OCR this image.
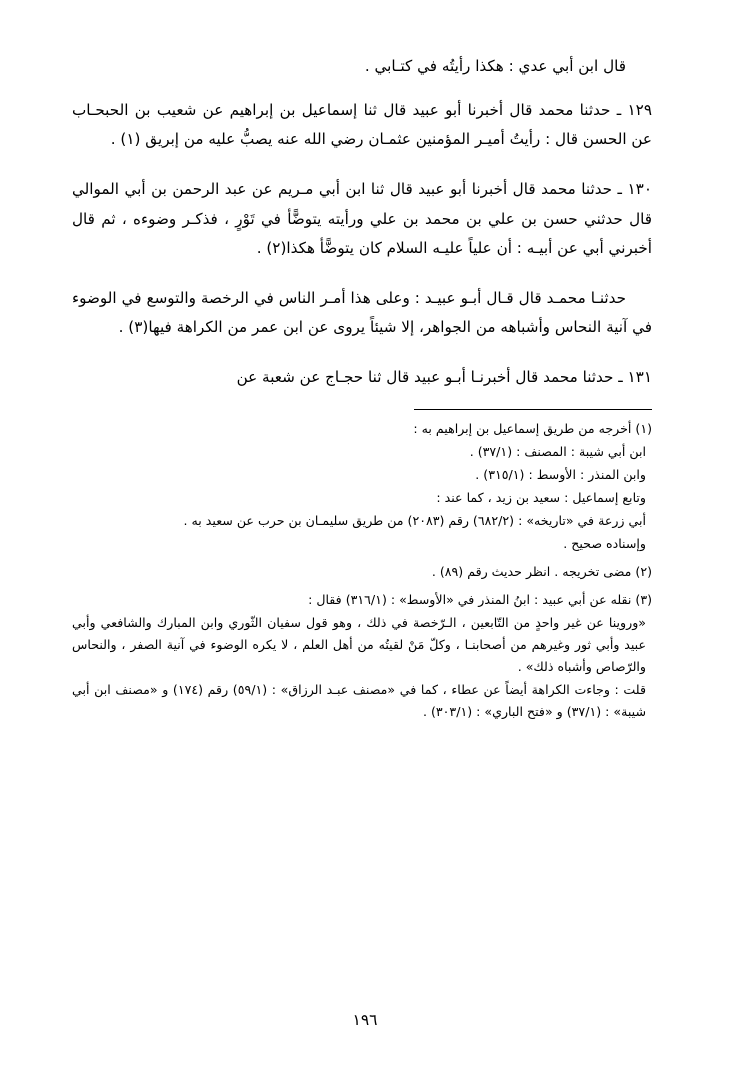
قال ابن أبي عدي : هكذا رأيتُه في كتـابي .

١٢٩ ـ حدثنا محمد قال أخبرنا أبو عبيد قال ثنا إسماعيل بن إبراهيم عن شعيب بن الحبحـاب عن الحسن قال : رأيتُ أميـر المؤمنين عثمـان رضي الله عنه يصبُّ عليه من إبريق (١) .

١٣٠ ـ حدثنا محمد قال أخبرنا أبو عبيد قال ثنا ابن أبي مـريم عن عبد الرحمن بن أبي الموالي قال حدثني حسن بن علي بن محمد بن علي ورأيته يتوضًّأ في تَوْرٍ ، فذكـر وضوءه ، ثم قال أخبرني أبي عن أبيـه : أن علياً عليـه السلام كان يتوضًّأ هكذا(٢) .

حدثنـا محمـد قال قـال أبـو عبيـد : وعلى هذا أمـر الناس في الرخصة والتوسع في الوضوء في آنية النحاس وأشباهه من الجواهر، إلا شيئاً يروى عن ابن عمر من الكراهة فيها(٣) .

١٣١ ـ حدثنا محمد قال أخبرنـا أبـو عبيد قال ثنا حجـاج عن شعبة عن

(١) أخرجه من طريق إسماعيل بن إبراهيم به :

ابن أبي شيبة : المصنف : (٣٧/١) .

وابن المنذر : الأوسط : (٣١٥/١) .

وتابع إسماعيل : سعيد بن زيد ، كما عند :

أبي زرعة في «تاريخه» : (٦٨٢/٢) رقم (٢٠٨٣) من طريق سليمـان بن حرب عن سعيد به .

وإسناده صحيح .

(٢) مضى تخريجه . انظر حديث رقم (٨٩) .

(٣) نقله عن أبي عبيد : ابنُ المنذر في «الأوسط» : (٣١٦/١) فقال :

«وروينا عن غير واحدٍ من التّابعين ، الـرّخصة في ذلك ، وهو قول سفيان الثّوري وابن المبارك والشافعي وأبي عبيد وأبي ثور وغيرهم من أصحابنـا ، وكلّ مَنْ لقيتُه من أهل العلم ، لا يكره الوضوء في آنية الصفر ، والنحاس والرّصاص وأشباه ذلك» .

قلت : وجاءت الكراهة أيضاً عن عطاء ، كما في «مصنف عبـد الرزاق» : (٥٩/١) رقم (١٧٤) و «مصنف ابن أبي شيبة» : (٣٧/١) و «فتح الباري» : (٣٠٣/١) .

١٩٦
